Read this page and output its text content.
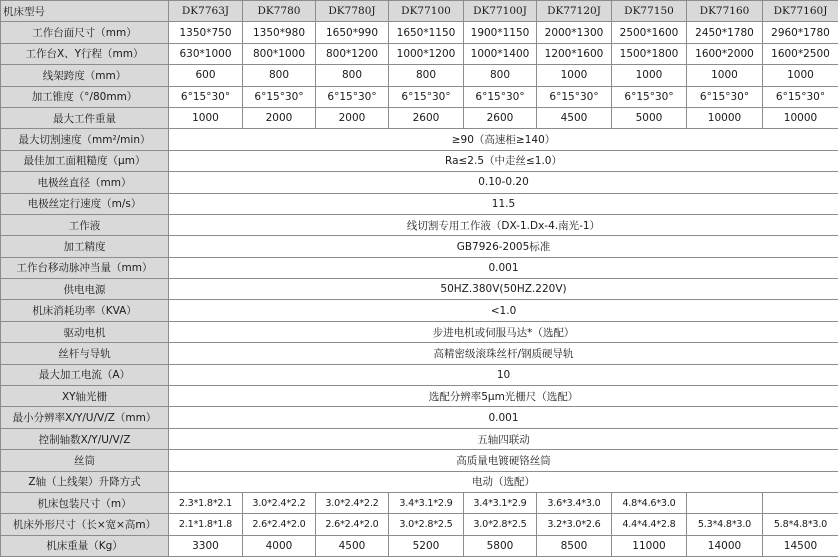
机床型号	DK7763J	DK7780	DK7780J	DK77100	DK77100J	DK77120J	DK77150	DK77160	DK77160J
工作台面尺寸（mm）	1350*750	1350*980	1650*990	1650*1150	1900*1150	2000*1300	2500*1600	2450*1780	2960*1780
工作台X、Y行程（mm）	630*1000	800*1000	800*1200	1000*1200	1000*1400	1200*1600	1500*1800	1600*2000	1600*2500
线架跨度（mm）	600	800	800	800	800	1000	1000	1000	1000
加工锥度（°/80mm）	6°15°30°	6°15°30°	6°15°30°	6°15°30°	6°15°30°	6°15°30°	6°15°30°	6°15°30°	6°15°30°
最大工件重量	1000	2000	2000	2600	2600	4500	5000	10000	10000
最大切割速度（mm²/min）	≥90（高速柜≥140）								
最佳加工面粗糙度（μm）	Ra≤2.5（中走丝≤1.0）								
电极丝直径（mm）	0.10-0.20								
电极丝定行速度（m/s）	11.5								
工作液	线切割专用工作液（DX-1.Dx-4.南光-1）								
加工精度	GB7926-2005标准								
工作台移动脉冲当量（mm）	0.001								
供电电源	50HZ.380V(50HZ.220V)								
机床消耗功率（KVA）	<1.0								
驱动电机	步进电机或伺服马达*（选配）								
丝杆与导轨	高精密级滚珠丝杆/钢质硬导轨								
最大加工电流（A）	10								
XY轴光栅	选配分辨率5μm光栅尺（选配）								
最小分辨率X/Y/U/V/Z（mm）	0.001								
控制轴数X/Y/U/V/Z	五轴四联动								
丝筒	高质量电镀硬铬丝筒								
Z轴（上线架）升降方式	电动（选配）								
机床包装尺寸（m）	2.3*1.8*2.1	3.0*2.4*2.2	3.0*2.4*2.2	3.4*3.1*2.9	3.4*3.1*2.9	3.6*3.4*3.0	4.8*4.6*3.0		
机床外形尺寸（长×宽×高m）	2.1*1.8*1.8	2.6*2.4*2.0	2.6*2.4*2.0	3.0*2.8*2.5	3.0*2.8*2.5	3.2*3.0*2.6	4.4*4.4*2.8	5.3*4.8*3.0	5.8*4.8*3.0
机床重量（Kg）	3300	4000	4500	5200	5800	8500	11000	14000	14500
